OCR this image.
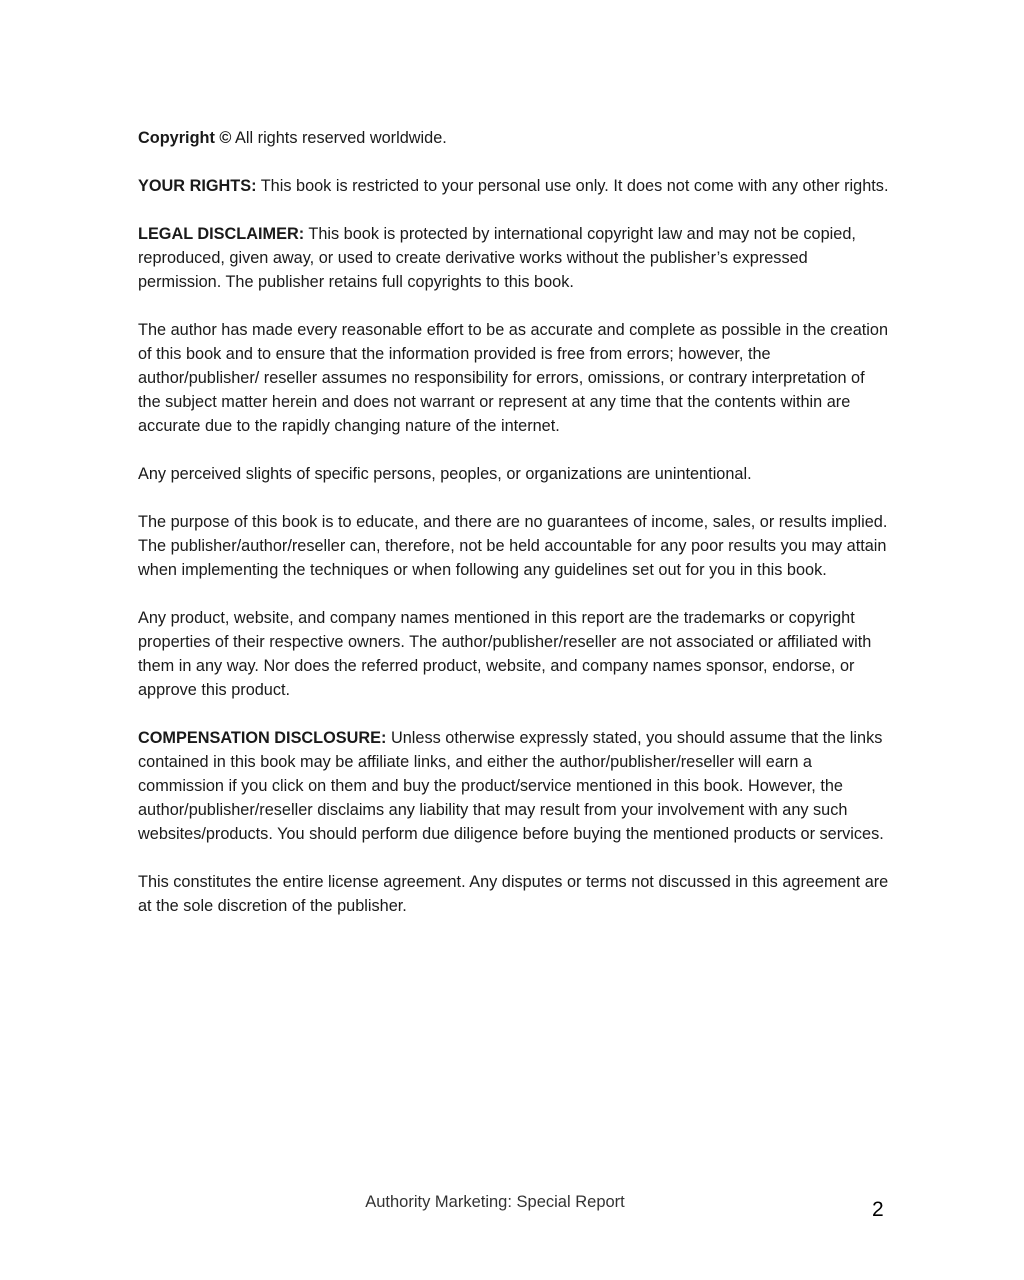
Copyright © All rights reserved worldwide.

YOUR RIGHTS: This book is restricted to your personal use only. It does not come with any other rights.

LEGAL DISCLAIMER: This book is protected by international copyright law and may not be copied, reproduced, given away, or used to create derivative works without the publisher’s expressed permission. The publisher retains full copyrights to this book.

The author has made every reasonable effort to be as accurate and complete as possible in the creation of this book and to ensure that the information provided is free from errors; however, the author/publisher/ reseller assumes no responsibility for errors, omissions, or contrary interpretation of the subject matter herein and does not warrant or represent at any time that the contents within are accurate due to the rapidly changing nature of the internet.

Any perceived slights of specific persons, peoples, or organizations are unintentional.

The purpose of this book is to educate, and there are no guarantees of income, sales, or results implied. The publisher/author/reseller can, therefore, not be held accountable for any poor results you may attain when implementing the techniques or when following any guidelines set out for you in this book.

Any product, website, and company names mentioned in this report are the trademarks or copyright properties of their respective owners. The author/publisher/reseller are not associated or affiliated with them in any way. Nor does the referred product, website, and company names sponsor, endorse, or approve this product.

COMPENSATION DISCLOSURE: Unless otherwise expressly stated, you should assume that the links contained in this book may be affiliate links, and either the author/publisher/reseller will earn a commission if you click on them and buy the product/service mentioned in this book. However, the author/publisher/reseller disclaims any liability that may result from your involvement with any such websites/products. You should perform due diligence before buying the mentioned products or services.

This constitutes the entire license agreement. Any disputes or terms not discussed in this agreement are at the sole discretion of the publisher.

Authority Marketing: Special Report	2
